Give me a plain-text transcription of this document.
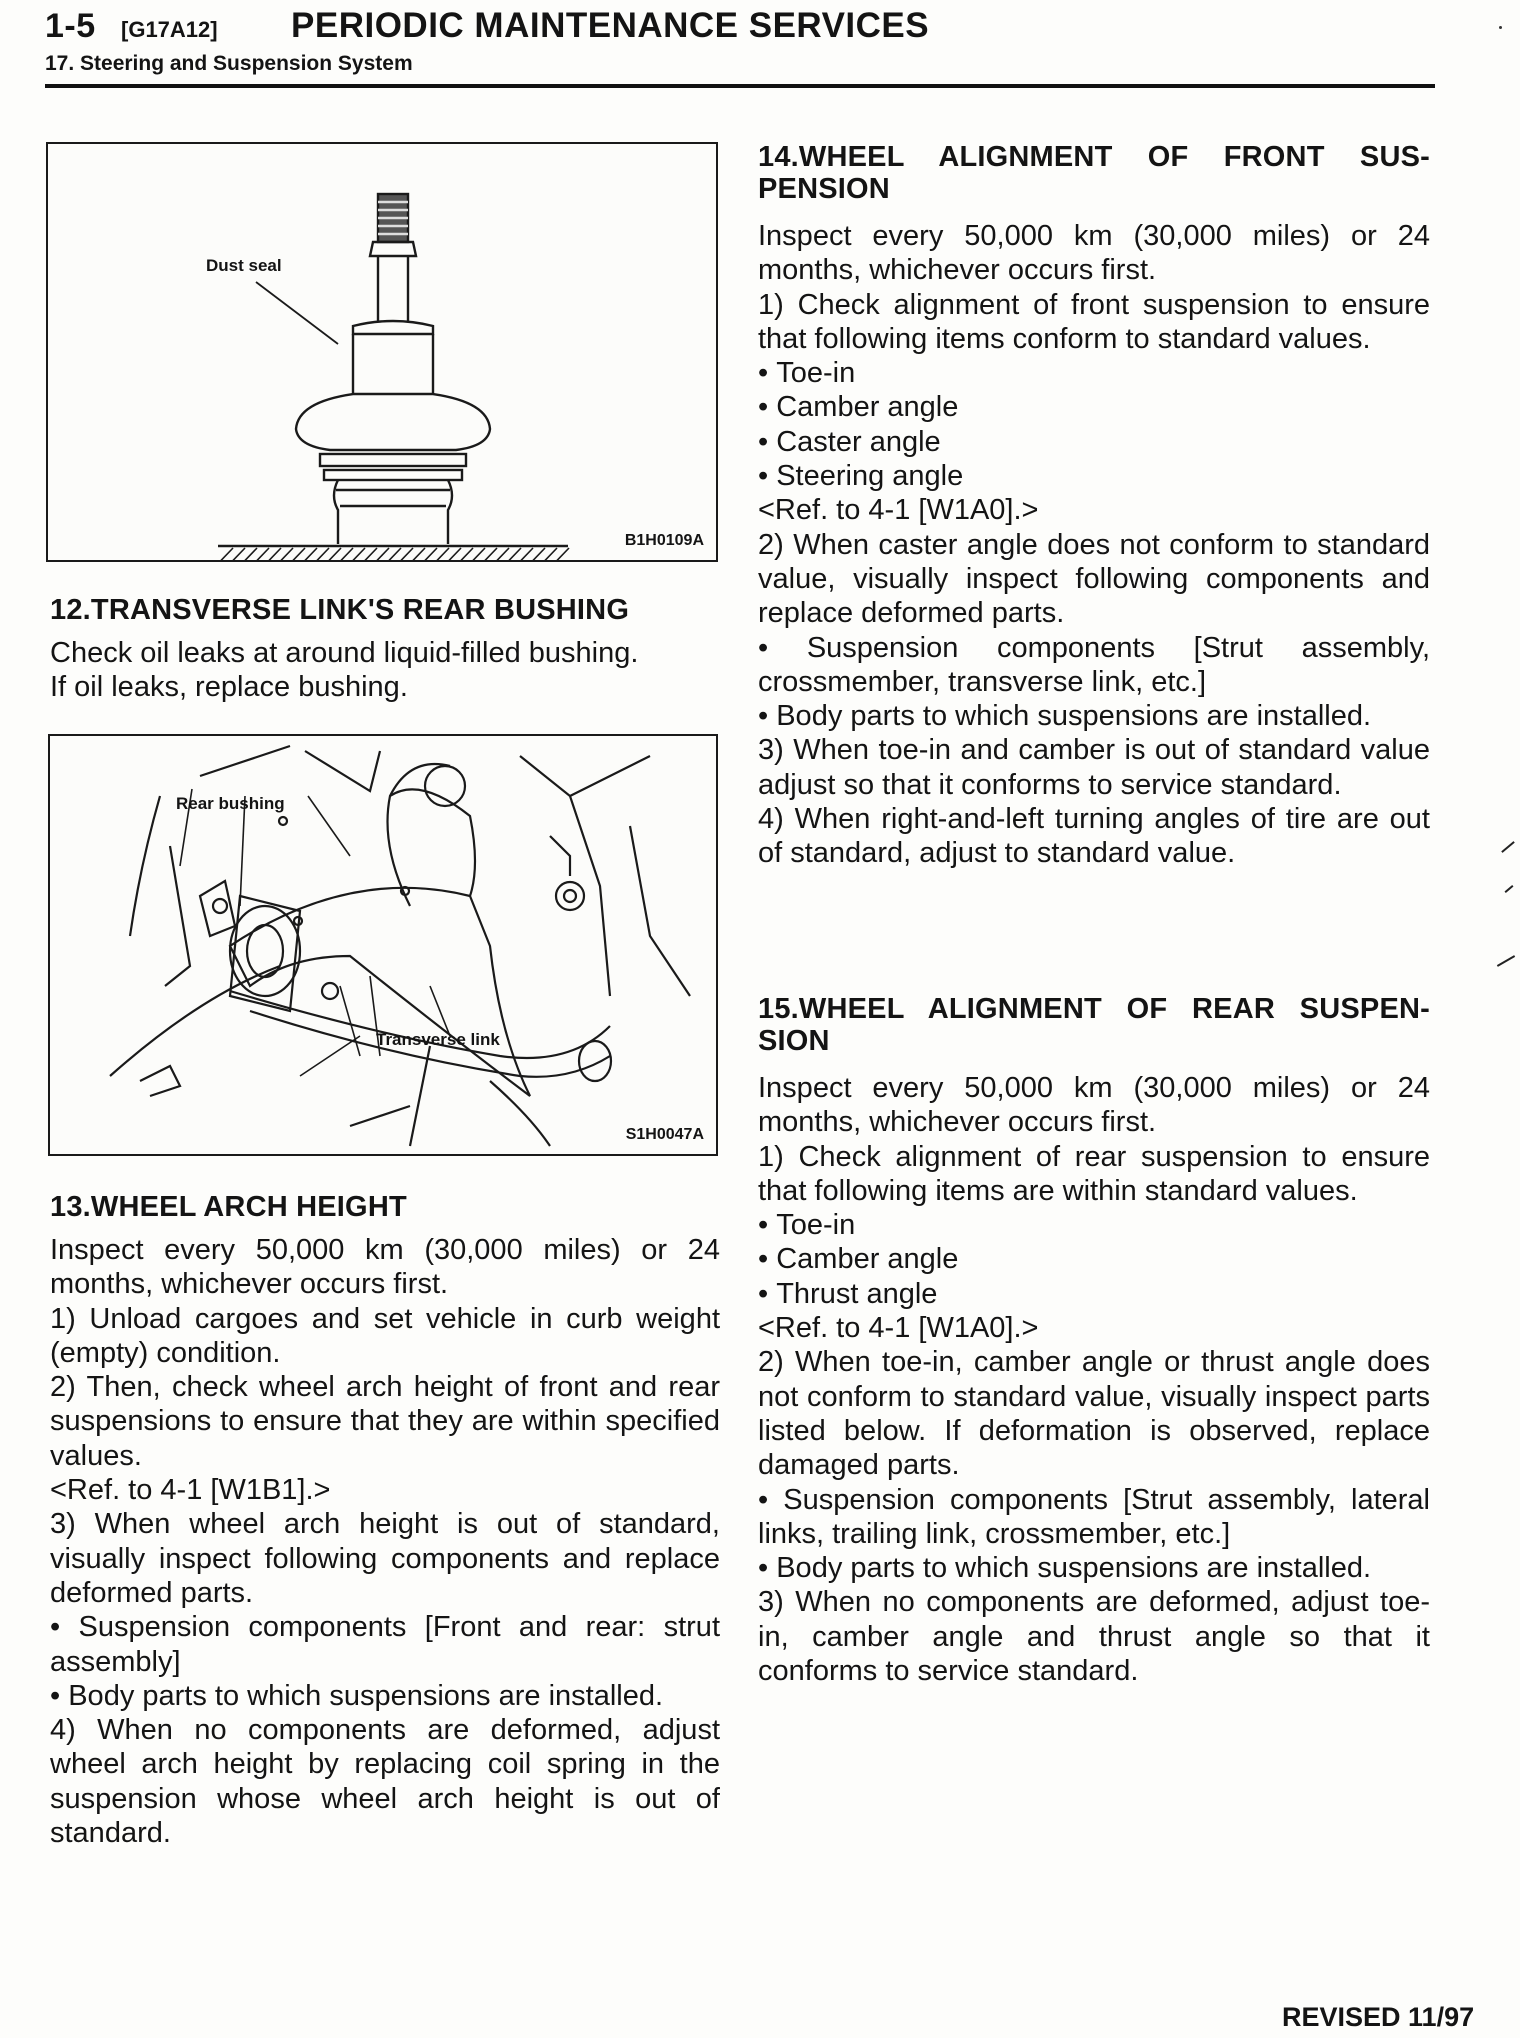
1-5	[G17A12]	PERIODIC MAINTENANCE SERVICES
17. Steering and Suspension System
Dust seal
B1H0109A
12.TRANSVERSE LINK'S REAR BUSHING

Check oil leaks at around liquid-filled bushing.

If oil leaks, replace bushing.

Rear bushing
Transverse link
S1H0047A
13.WHEEL ARCH HEIGHT

Inspect every 50,000 km (30,000 miles) or 24 months, whichever occurs first.

1) Unload cargoes and set vehicle in curb weight (empty) condition.

2) Then, check wheel arch height of front and rear suspensions to ensure that they are within specified values.

<Ref. to 4-1 [W1B1].>

3) When wheel arch height is out of standard, visually inspect following components and replace deformed parts.

• Suspension components [Front and rear: strut assembly]

• Body parts to which suspensions are installed.

4) When no components are deformed, adjust wheel arch height by replacing coil spring in the suspension whose wheel arch height is out of standard.

14.WHEEL ALIGNMENT OF FRONT SUS-
PENSION

Inspect every 50,000 km (30,000 miles) or 24 months, whichever occurs first.

1) Check alignment of front suspension to ensure that following items conform to standard values.

• Toe-in

• Camber angle

• Caster angle

• Steering angle

<Ref. to 4-1 [W1A0].>

2) When caster angle does not conform to standard value, visually inspect following components and replace deformed parts.

• Suspension components [Strut assembly, crossmember, transverse link, etc.]

• Body parts to which suspensions are installed.

3) When toe-in and camber is out of standard value adjust so that it conforms to service standard.

4) When right-and-left turning angles of tire are out of standard, adjust to standard value.

15.WHEEL ALIGNMENT OF REAR SUSPEN-
SION

Inspect every 50,000 km (30,000 miles) or 24 months, whichever occurs first.

1) Check alignment of rear suspension to ensure that following items are within standard values.

• Toe-in

• Camber angle

• Thrust angle

<Ref. to 4-1 [W1A0].>

2) When toe-in, camber angle or thrust angle does not conform to standard value, visually inspect parts listed below. If deformation is observed, replace damaged parts.

• Suspension components [Strut assembly, lateral links, trailing link, crossmember, etc.]

• Body parts to which suspensions are installed.

3) When no components are deformed, adjust toe-in, camber angle and thrust angle so that it conforms to service standard.

REVISED 11/97
